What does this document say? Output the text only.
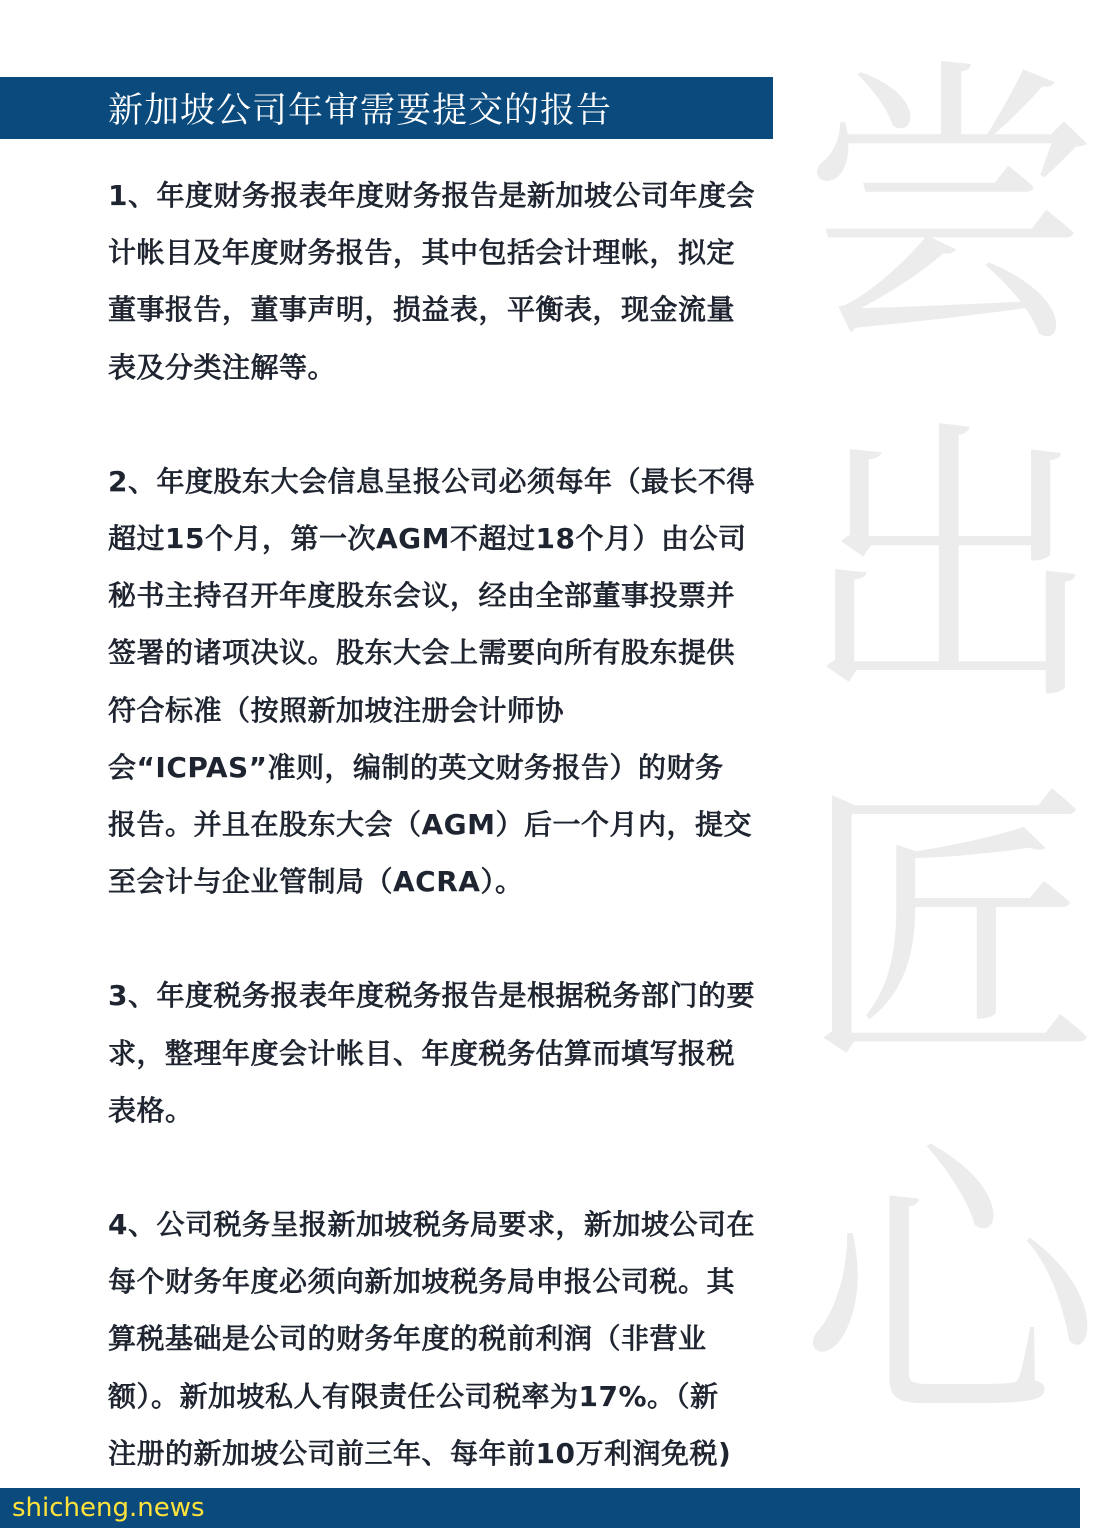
新加坡公司年审需要提交的报告 尝
出
匠
心

1、年度财务报表年度财务报告是新加坡公司年度会
计帐目及年度财务报告，其中包括会计理帐，拟定
董事报告，董事声明，损益表，平衡表，现金流量
表及分类注解等。

2、年度股东大会信息呈报公司必须每年（最长不得
超过15个月，第一次AGM不超过18个月）由公司
秘书主持召开年度股东会议，经由全部董事投票并
签署的诸项决议。股东大会上需要向所有股东提供
符合标准（按照新加坡注册会计师协
会“ICPAS”准则，编制的英文财务报告）的财务
报告。并且在股东大会（AGM）后一个月内，提交
至会计与企业管制局（ACRA）。

3、年度税务报表年度税务报告是根据税务部门的要
求，整理年度会计帐目、年度税务估算而填写报税
表格。

4、公司税务呈报新加坡税务局要求，新加坡公司在
每个财务年度必须向新加坡税务局申报公司税。其
算税基础是公司的财务年度的税前利润（非营业
额）。新加坡私人有限责任公司税率为17%。（新
注册的新加坡公司前三年、每年前10万利润免税)

shicheng.news
